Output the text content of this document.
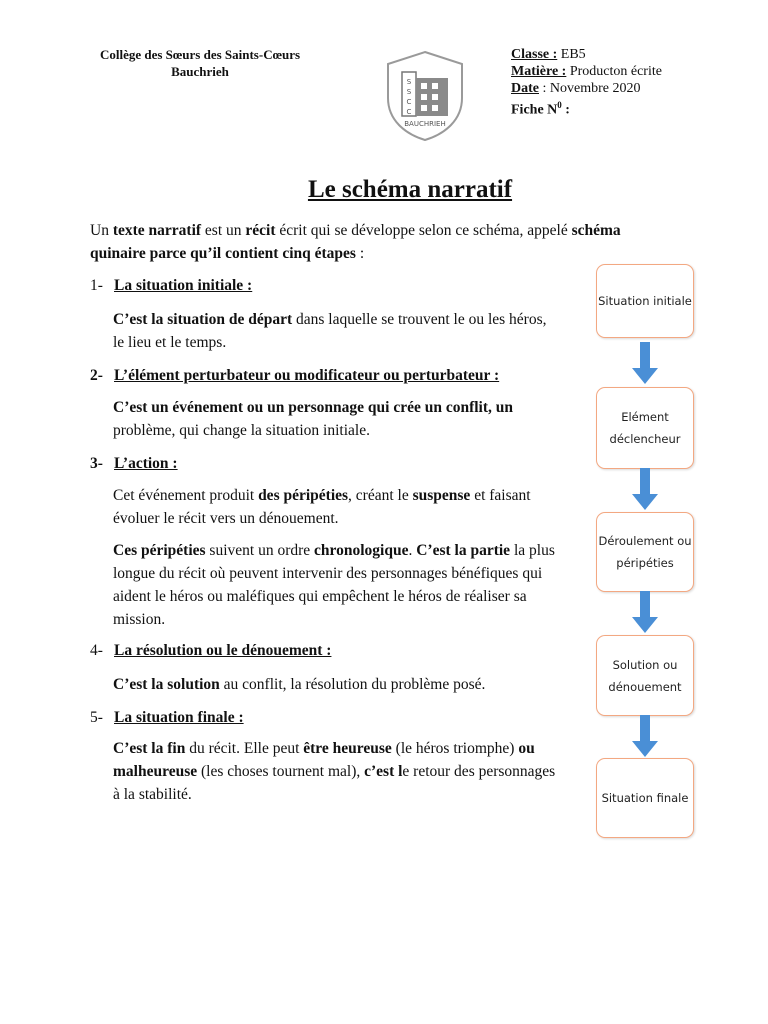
Collège des Sœurs des Saints-Cœurs
Bauchrieh
S
S
C
C
BAUCHRIEH
Classe : EB5
Matière : Producton écrite
Date : Novembre 2020
Fiche $N^0$ :
Le schéma narratif
Un texte narratif est un récit écrit qui se développe selon ce schéma, appelé schéma quinaire parce qu’il contient cinq étapes :
1- La situation initiale :
C’est la situation de départ dans laquelle se trouvent le ou les héros, le lieu et le temps.
2- L’élément perturbateur ou modificateur ou perturbateur :
C’est un événement ou un personnage qui crée un conflit, un problème, qui change la situation initiale.
3- L’action :
Cet événement produit des péripéties, créant le suspense et faisant évoluer le récit vers un dénouement.
Ces péripéties suivent un ordre chronologique. C’est la partie la plus longue du récit où peuvent intervenir des personnages bénéfiques qui aident le héros ou maléfiques qui empêchent le héros de réaliser sa mission.
4- La résolution ou le dénouement :
C’est la solution au conflit, la résolution du problème posé.
5- La situation finale :
C’est la fin du récit. Elle peut être heureuse (le héros triomphe) ou malheureuse (les choses tournent mal), c’est le retour des personnages à la stabilité.
Situation initiale
Elément
déclencheur
Déroulement ou
péripéties
Solution ou
dénouement
Situation finale
